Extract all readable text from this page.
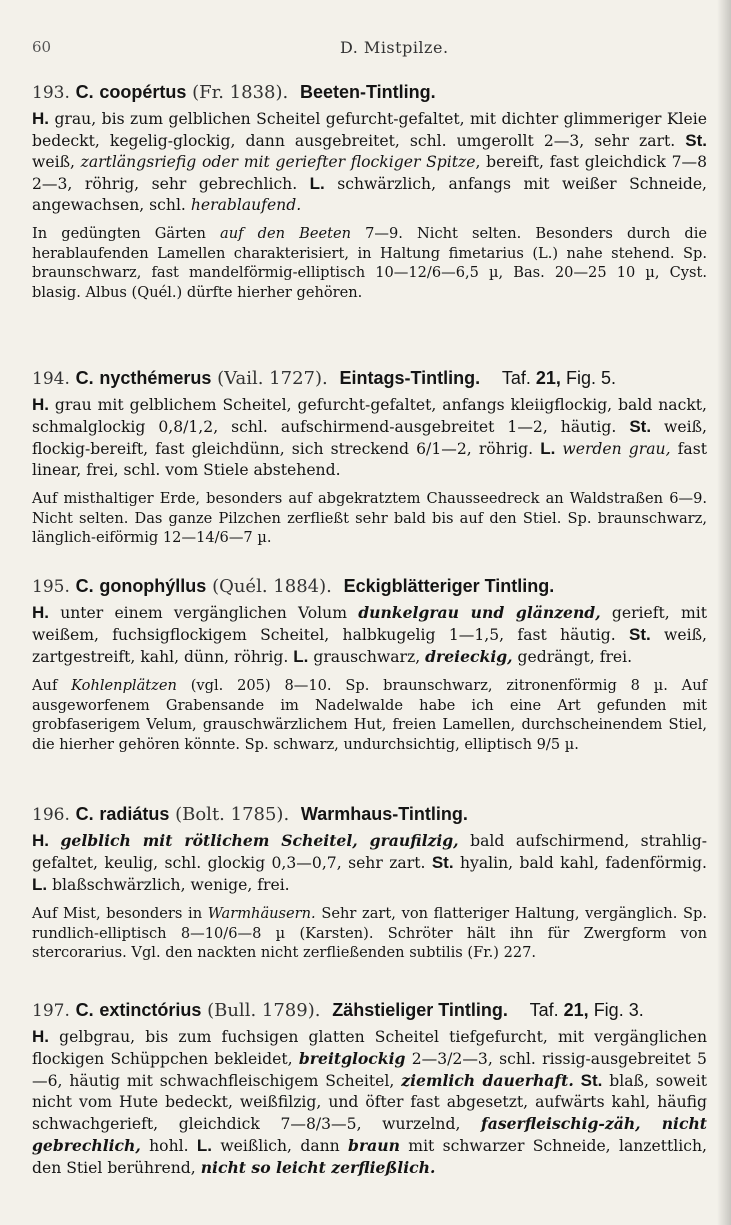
60	D. Mistpilze.
193. C. coopértus (Fr. 1838). Beeten-Tintling.

H. grau, bis zum gelblichen Scheitel gefurcht-gefaltet, mit dichter glimmeriger Kleie bedeckt, kegelig-glockig, dann ausgebreitet, schl. umgerollt 2—3, sehr zart. St. weiß, zartlängsriefig oder mit geriefter flockiger Spitze, bereift, fast gleichdick 7—8 2—3, röhrig, sehr gebrechlich. L. schwärzlich, anfangs mit weißer Schneide, angewachsen, schl. herablaufend.

In gedüngten Gärten auf den Beeten 7—9. Nicht selten. Besonders durch die herablaufenden Lamellen charakterisiert, in Haltung fimetarius (L.) nahe stehend. Sp. braunschwarz, fast mandelförmig-elliptisch 10—12/6—6,5 µ, Bas. 20—25 10 µ, Cyst. blasig. Albus (Quél.) dürfte hierher gehören.

194. C. nycthémerus (Vail. 1727). Eintags-Tintling. Taf. 21, Fig. 5.

H. grau mit gelblichem Scheitel, gefurcht-gefaltet, anfangs kleiigflockig, bald nackt, schmalglockig 0,8/1,2, schl. aufschirmend-ausgebreitet 1—2, häutig. St. weiß, flockig-bereift, fast gleichdünn, sich streckend 6/1—2, röhrig. L. werden grau, fast linear, frei, schl. vom Stiele abstehend.

Auf misthaltiger Erde, besonders auf abgekratztem Chausseedreck an Waldstraßen 6—9. Nicht selten. Das ganze Pilzchen zerfließt sehr bald bis auf den Stiel. Sp. braunschwarz, länglich-eiförmig 12—14/6—7 µ.

195. C. gonophýllus (Quél. 1884). Eckigblätteriger Tintling.

H. unter einem vergänglichen Volum dunkelgrau und glänzend, gerieft, mit weißem, fuchsigflockigem Scheitel, halbkugelig 1—1,5, fast häutig. St. weiß, zartgestreift, kahl, dünn, röhrig. L. grauschwarz, dreieckig, gedrängt, frei.

Auf Kohlenplätzen (vgl. 205) 8—10. Sp. braunschwarz, zitronenförmig 8 µ. Auf ausgeworfenem Grabensande im Nadelwalde habe ich eine Art gefunden mit grobfaserigem Velum, grauschwärzlichem Hut, freien Lamellen, durchscheinendem Stiel, die hierher gehören könnte. Sp. schwarz, undurchsichtig, elliptisch 9/5 µ.

196. C. radiátus (Bolt. 1785). Warmhaus-Tintling.

H. gelblich mit rötlichem Scheitel, graufilzig, bald aufschirmend, strahlig-gefaltet, keulig, schl. glockig 0,3—0,7, sehr zart. St. hyalin, bald kahl, fadenförmig. L. blaßschwärzlich, wenige, frei.

Auf Mist, besonders in Warmhäusern. Sehr zart, von flatteriger Haltung, vergänglich. Sp. rundlich-elliptisch 8—10/6—8 µ (Karsten). Schröter hält ihn für Zwergform von stercorarius. Vgl. den nackten nicht zerfließenden subtilis (Fr.) 227.

197. C. extinctórius (Bull. 1789). Zähstieliger Tintling. Taf. 21, Fig. 3.

H. gelbgrau, bis zum fuchsigen glatten Scheitel tiefgefurcht, mit vergänglichen flockigen Schüppchen bekleidet, breitglockig 2—3/2—3, schl. rissig-ausgebreitet 5—6, häutig mit schwachfleischigem Scheitel, ziemlich dauerhaft. St. blaß, soweit nicht vom Hute bedeckt, weißfilzig, und öfter fast abgesetzt, aufwärts kahl, häufig schwachgerieft, gleichdick 7—8/3—5, wurzelnd, faserfleischig-zäh, nicht gebrechlich, hohl. L. weißlich, dann braun mit schwarzer Schneide, lanzettlich, den Stiel berührend, nicht so leicht zerfließlich.
